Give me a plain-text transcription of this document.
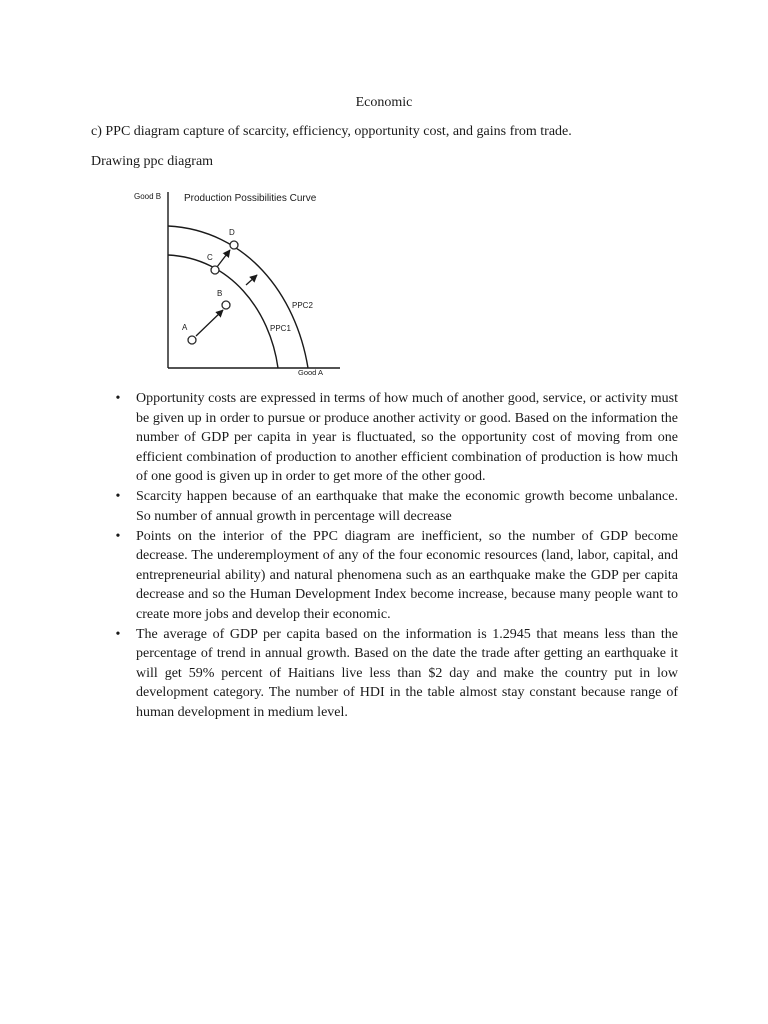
Economic
c) PPC diagram capture of scarcity, efficiency, opportunity cost, and gains from trade.
Drawing ppc diagram
Good B Production Possibilities Curve
Good A
PPC1
PPC2
A
B
C
D
• Opportunity costs are expressed in terms of how much of another good, service, or activity must be given up in order to pursue or produce another activity or good. Based on the information the number of GDP per capita in year is fluctuated, so the opportunity cost of moving from one efficient combination of production to another efficient combination of production is how much of one good is given up in order to get more of the other good.
• Scarcity happen because of an earthquake that make the economic growth become unbalance. So number of annual growth in percentage will decrease
• Points on the interior of the PPC diagram are inefficient, so the number of GDP become decrease. The underemployment of any of the four economic resources (land, labor, capital, and entrepreneurial ability) and natural phenomena such as an earthquake make the GDP per capita decrease and so the Human Development Index become increase, because many people want to create more jobs and develop their economic.
• The average of GDP per capita based on the information is 1.2945 that means less than the percentage of trend in annual growth. Based on the date the trade after getting an earthquake it will get 59% percent of Haitians live less than $2 day and make the country put in low development category. The number of HDI in the table almost stay constant because range of human development in medium level.
